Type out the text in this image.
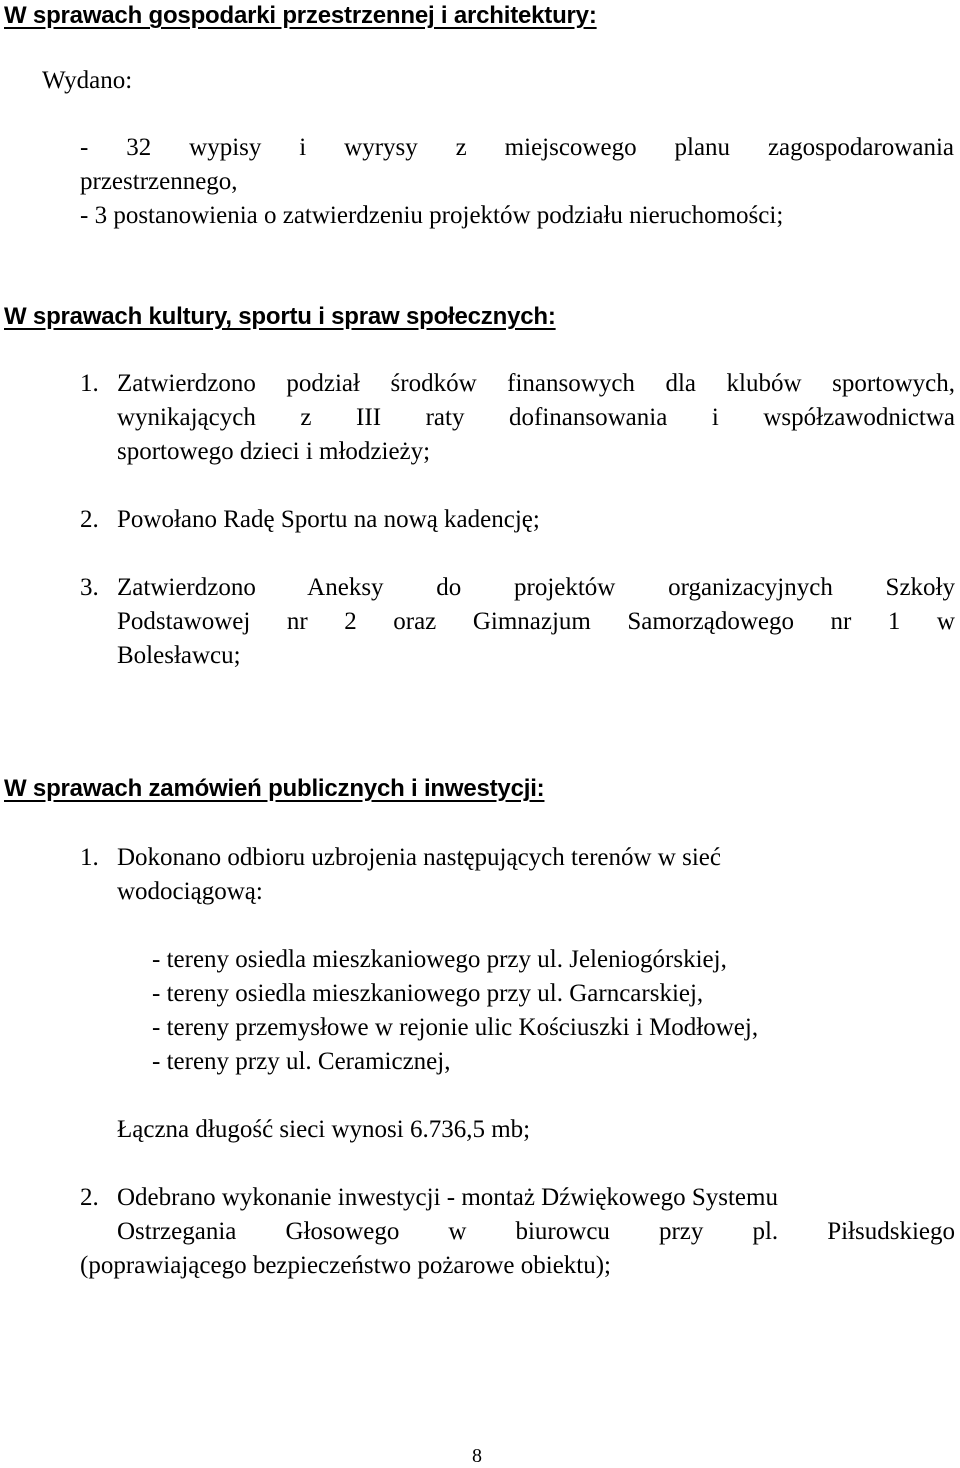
W sprawach gospodarki przestrzennej i architektury:

Wydano:

- 32 wypisy i wyrysy z miejscowego planu zagospodarowania

przestrzennego,

- 3 postanowienia o zatwierdzeniu projektów podziału nieruchomości;

W sprawach kultury, sportu i spraw społecznych:
1. Zatwierdzono podział środków finansowych dla klubów sportowych,

wynikających z III raty dofinansowania i współzawodnictwa

sportowego dzieci i młodzieży;

2. Powołano Radę Sportu na nową kadencję;

3. Zatwierdzono Aneksy do projektów organizacyjnych Szkoły

Podstawowej nr 2 oraz Gimnazjum Samorządowego nr 1 w

Bolesławcu;

W sprawach zamówień publicznych i inwestycji:
1. Dokonano odbioru uzbrojenia następujących terenów w sieć

wodociągową:

- tereny osiedla mieszkaniowego przy ul. Jeleniogórskiej,

- tereny osiedla mieszkaniowego przy ul. Garncarskiej,

- tereny przemysłowe w rejonie ulic Kościuszki i Modłowej,

- tereny przy ul. Ceramicznej,

Łączna długość sieci wynosi 6.736,5 mb;

2. Odebrano wykonanie inwestycji - montaż Dźwiękowego Systemu

Ostrzegania Głosowego w biurowcu przy pl. Piłsudskiego

(poprawiającego bezpieczeństwo pożarowe obiektu);

8
